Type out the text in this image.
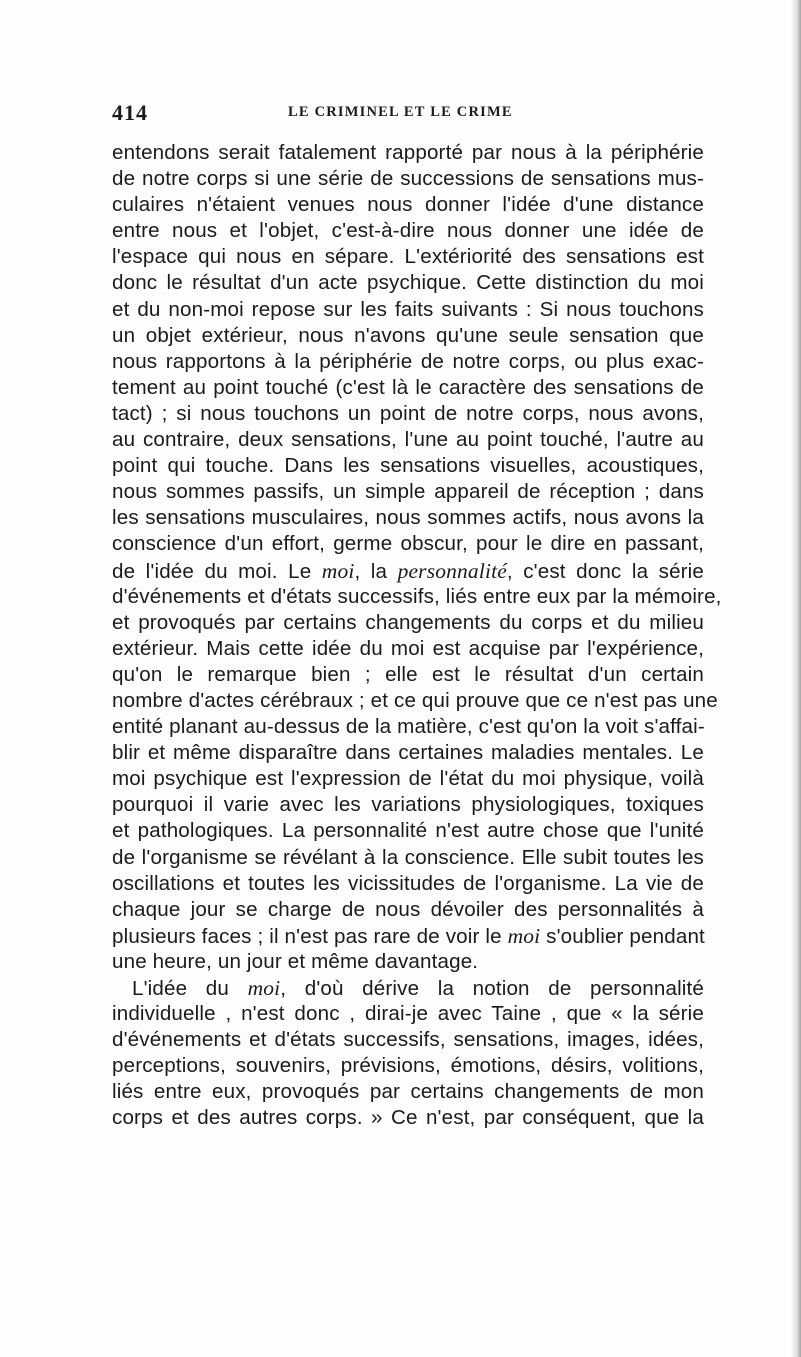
414	LE CRIMINEL ET LE CRIME
entendons serait fatalement rapporté par nous à la périphérie
de notre corps si une série de successions de sensations mus-
culaires n'étaient venues nous donner l'idée d'une distance
entre nous et l'objet, c'est-à-dire nous donner une idée de
l'espace qui nous en sépare. L'extériorité des sensations est
donc le résultat d'un acte psychique. Cette distinction du moi
et du non-moi repose sur les faits suivants : Si nous touchons
un objet extérieur, nous n'avons qu'une seule sensation que
nous rapportons à la périphérie de notre corps, ou plus exac-
tement au point touché (c'est là le caractère des sensations de
tact) ; si nous touchons un point de notre corps, nous avons,
au contraire, deux sensations, l'une au point touché, l'autre au
point qui touche. Dans les sensations visuelles, acoustiques,
nous sommes passifs, un simple appareil de réception ; dans
les sensations musculaires, nous sommes actifs, nous avons la
conscience d'un effort, germe obscur, pour le dire en passant,
de l'idée du moi. Le moi, la personnalité, c'est donc la série
d'événements et d'états successifs, liés entre eux par la mémoire,
et provoqués par certains changements du corps et du milieu
extérieur. Mais cette idée du moi est acquise par l'expérience,
qu'on le remarque bien ; elle est le résultat d'un certain
nombre d'actes cérébraux ; et ce qui prouve que ce n'est pas une
entité planant au-dessus de la matière, c'est qu'on la voit s'affai-
blir et même disparaître dans certaines maladies mentales. Le
moi psychique est l'expression de l'état du moi physique, voilà
pourquoi il varie avec les variations physiologiques, toxiques
et pathologiques. La personnalité n'est autre chose que l'unité
de l'organisme se révélant à la conscience. Elle subit toutes les
oscillations et toutes les vicissitudes de l'organisme. La vie de
chaque jour se charge de nous dévoiler des personnalités à
plusieurs faces ; il n'est pas rare de voir le moi s'oublier pendant
une heure, un jour et même davantage.
L'idée du moi, d'où dérive la notion de personnalité
individuelle , n'est donc , dirai-je avec Taine , que « la série
d'événements et d'états successifs, sensations, images, idées,
perceptions, souvenirs, prévisions, émotions, désirs, volitions,
liés entre eux, provoqués par certains changements de mon
corps et des autres corps. » Ce n'est, par conséquent, que la
